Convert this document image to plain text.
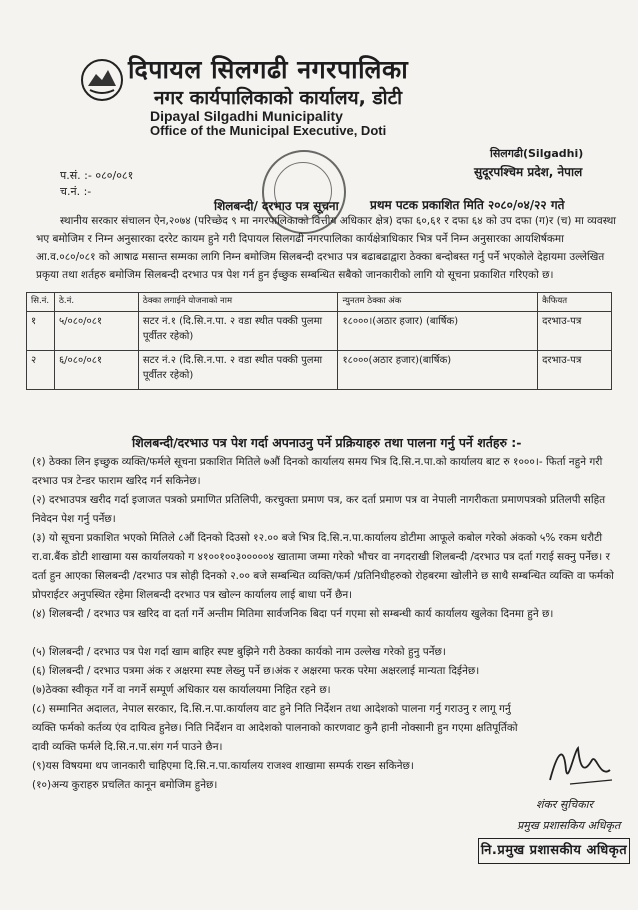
दिपायल सिलगढी नगरपालिका
नगर कार्यपालिकाको कार्यालय, डोटी
Dipayal Silgadhi Municipality
Office of the Municipal Executive, Doti
प.सं. :- ०८०/०८१
च.नं. :-
सिलगढी(Silgadhi)
सुदूरपश्चिम प्रदेश, नेपाल
शिलबन्दी/ दरभाउ पत्र सूचना	प्रथम पटक प्रकाशित मिति २०८०/०४/२२ गते
स्थानीय सरकार संचालन ऐन,२०७४ (परिच्छेद ९ मा नगरपालिकाको वित्तीय अधिकार क्षेत्र) दफा ६०,६१ र दफा ६४ को उप दफा (ग)र (च) मा व्यवस्था भए बमोजिम र निम्न अनुसारका दररेट कायम हुने गरी दिपायल सिलगढी नगरपालिका कार्यक्षेत्राधिकार भित्र पर्ने निम्न अनुसारका आयशिर्षकमा आ.व.०८०/०८१ को आषाढ मसान्त सम्मका लागि निम्न बमोजिम सिलबन्दी दरभाउ पत्र बढाबढाद्वारा ठेक्का बन्दोबस्त गर्नु पर्ने भएकोले देहायमा उल्लेखित प्रकृया तथा शर्तहरु बमोजिम सिलबन्दी दरभाउ पत्र पेश गर्न हुन ईच्छुक सम्बन्धित सबैको जानकारीको लागि यो सूचना प्रकाशित गरिएको छ।
सि.नं.	ठे.नं.	ठेक्का लगाईने योजनाको नाम	न्युनतम ठेक्का अंक	कैफियत
१	५/०८०/०८१	सटर नं.१ (दि.सि.न.पा. २ वडा स्थीत पक्की पुलमा पूर्वीतर रहेको)	१८०००।(अठार हजार) (बार्षिक)	दरभाउ-पत्र
२	६/०८०/०८१	सटर नं.२ (दि.सि.न.पा. २ वडा स्थीत पक्की पुलमा पूर्वीतर रहेको)	१८०००(अठार हजार)(बार्षिक)	दरभाउ-पत्र
शिलबन्दी/दरभाउ पत्र पेश गर्दा अपनाउनु पर्ने प्रक्रियाहरु तथा पालना गर्नु पर्ने शर्तहरु :-
(१) ठेक्का लिन इच्छुक व्यक्ति/फर्मले सूचना प्रकाशित मितिले ७औं दिनको कार्यालय समय भित्र दि.सि.न.पा.को कार्यालय बाट रु १०००।- फिर्ता नहुने गरी दरभाउ पत्र टेन्डर फाराम खरिद गर्न सकिनेछ।
(२) दरभाउपत्र खरीद गर्दा इजाजत पत्रको प्रमाणित प्रतिलिपी, करचुक्ता प्रमाण पत्र, कर दर्ता प्रमाण पत्र वा नेपाली नागरीकता प्रमाणपत्रको प्रतिलपी सहित निवेदन पेश गर्नु पर्नेछ।
(३) यो सूचना प्रकाशित भएको मितिले ८औं दिनको दिउसो १२.०० बजे भित्र दि.सि.न.पा.कार्यालय डोटीमा आफूले कबोल गरेको अंकको ५% रकम धरौटी रा.वा.बैंक डोटी शाखामा यस कार्यालयको ग ४१००१००३०००००४ खातामा जम्मा गरेको भौचर वा नगदराखी शिलबन्दी /दरभाउ पत्र दर्ता गराई सक्नु पर्नेछ। र दर्ता हुन आएका सिलबन्दी /दरभाउ पत्र सोही दिनको २.०० बजे सम्बन्धित व्यक्ति/फर्म /प्रतिनिधीहरुको रोहबरमा खोलीने छ साथै सम्बन्धित व्यक्ति वा फर्मको प्रोपराईटर अनुपस्थित रहेमा शिलबन्दी दरभाउ पत्र खोल्न कार्यालय लाई बाधा पर्ने छैन।
(४) शिलबन्दी / दरभाउ पत्र खरिद वा दर्ता गर्ने अन्तीम मितिमा सार्वजनिक बिदा पर्न गएमा सो सम्बन्धी कार्य कार्यालय खुलेका दिनमा हुने छ।
(५) शिलबन्दी / दरभाउ पत्र पेश गर्दा खाम बाहिर स्पष्ट बुझिने गरी ठेक्का कार्यको नाम उल्लेख गरेको हुनु पर्नेछ।
(६) शिलबन्दी / दरभाउ पत्रमा अंक र अक्षरमा स्पष्ट लेख्नु पर्ने छ।अंक र अक्षरमा फरक परेमा अक्षरलाई मान्यता दिईनेछ।
(७)ठेक्का स्वीकृत गर्ने वा नगर्ने सम्पूर्ण अधिकार यस कार्यालयमा निहित रहने छ।
(८) सम्मानित अदालत, नेपाल सरकार, दि.सि.न.पा.कार्यालय वाट हुने निति निर्देशन तथा आदेशको पालना गर्नु गराउनु र लागू गर्नु व्यक्ति फर्मको कर्तव्य एंव दायित्व हुनेछ। निति निर्देशन वा आदेशको पालनाको कारणवाट कुनै हानी नोक्सानी हुन गएमा क्षतिपूर्तिको दावी व्यक्ति फर्मले दि.सि.न.पा.संग गर्न पाउने छैन।
(९)यस विषयमा थप जानकारी चाहिएमा दि.सि.न.पा.कार्यालय राजश्व शाखामा सम्पर्क राख्न सकिनेछ।
(१०)अन्य कुराहरु प्रचलित कानून बमोजिम हुनेछ।
शंकर सुचिकार
प्रमुख प्रशासकिय अधिकृत
नि.प्रमुख प्रशासकीय अधिकृत
